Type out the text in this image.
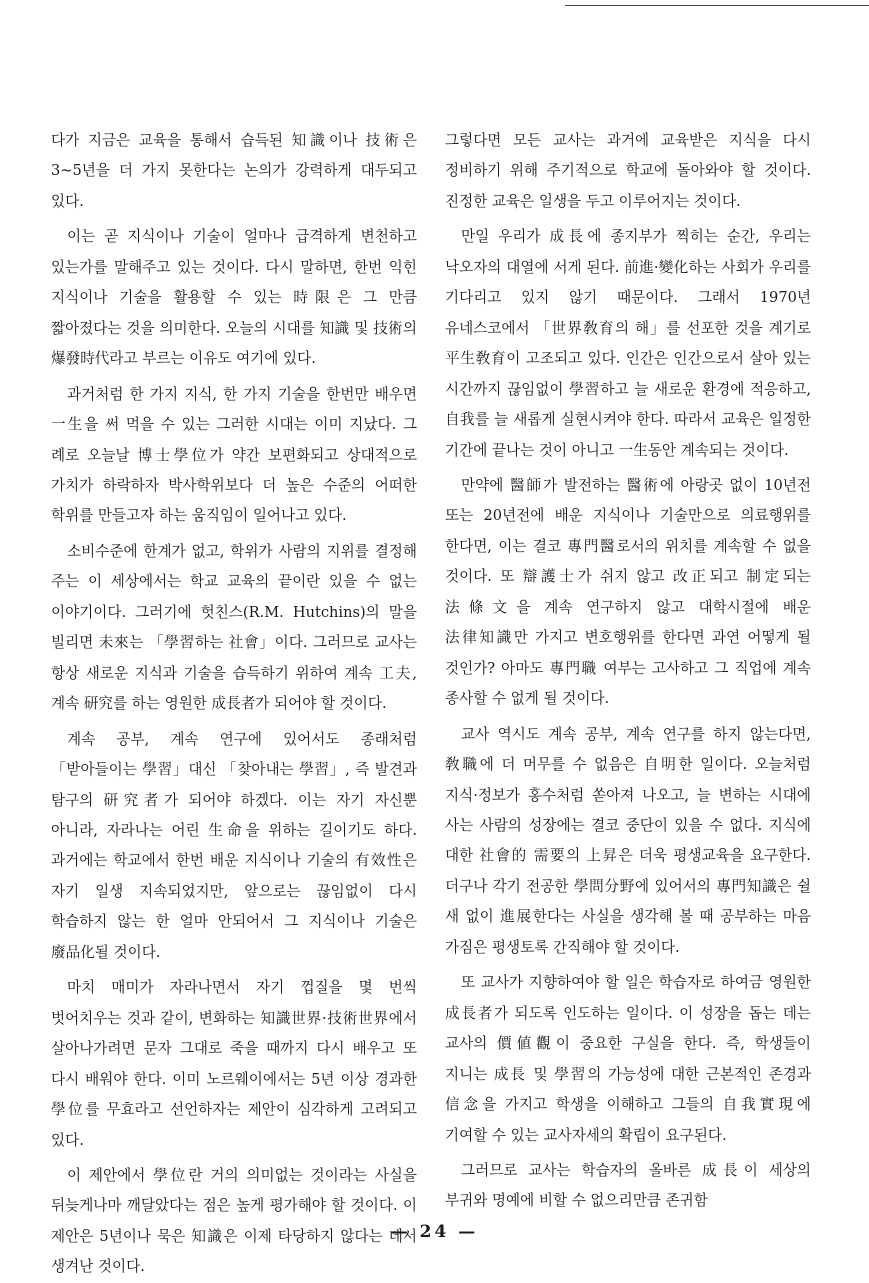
다가 지금은 교육을 통해서 습득된 知識이나 技術은 3~5년을 더 가지 못한다는 논의가 강력하게 대두되고 있다.

이는 곧 지식이나 기술이 얼마나 급격하게 변천하고 있는가를 말해주고 있는 것이다. 다시 말하면, 한번 익힌 지식이나 기술을 활용할 수 있는 時限은 그 만큼 짧아졌다는 것을 의미한다. 오늘의 시대를 知識 및 技術의 爆發時代라고 부르는 이유도 여기에 있다.

과거처럼 한 가지 지식, 한 가지 기술을 한번만 배우면 一生을 써 먹을 수 있는 그러한 시대는 이미 지났다. 그 례로 오늘날 博士學位가 약간 보편화되고 상대적으로 가치가 하락하자 박사학위보다 더 높은 수준의 어떠한 학위를 만들고자 하는 움직임이 일어나고 있다.

소비수준에 한계가 없고, 학위가 사람의 지위를 결정해 주는 이 세상에서는 학교 교육의 끝이란 있을 수 없는 이야기이다. 그러기에 헛친스(R.M. Hutchins)의 말을 빌리면 未來는 「學習하는 社會」이다. 그러므로 교사는 항상 새로운 지식과 기술을 습득하기 위하여 계속 工夫, 계속 研究를 하는 영원한 成長者가 되어야 할 것이다.

계속 공부, 계속 연구에 있어서도 종래처럼 「받아들이는 學習」대신 「찾아내는 學習」, 즉 발견과 탐구의 研究者가 되어야 하겠다. 이는 자기 자신뿐 아니라, 자라나는 어린 生命을 위하는 길이기도 하다. 과거에는 학교에서 한번 배운 지식이나 기술의 有效性은 자기 일생 지속되었지만, 앞으로는 끊임없이 다시 학습하지 않는 한 얼마 안되어서 그 지식이나 기술은 廢品化될 것이다.

마치 매미가 자라나면서 자기 껍질을 몇 번씩 벗어치우는 것과 같이, 변화하는 知識世界·技術世界에서 살아나가려면 문자 그대로 죽을 때까지 다시 배우고 또 다시 배워야 한다. 이미 노르웨이에서는 5년 이상 경과한 學位를 무효라고 선언하자는 제안이 심각하게 고려되고 있다.

이 제안에서 學位란 거의 의미없는 것이라는 사실을 뒤늦게나마 깨달았다는 점은 높게 평가해야 할 것이다. 이 제안은 5년이나 묵은 知識은 이제 타당하지 않다는 데서 생겨난 것이다.

그렇다면 모든 교사는 과거에 교육받은 지식을 다시 정비하기 위해 주기적으로 학교에 돌아와야 할 것이다. 진정한 교육은 일생을 두고 이루어지는 것이다.

만일 우리가 成長에 종지부가 찍히는 순간, 우리는 낙오자의 대열에 서게 된다. 前進·變化하는 사회가 우리를 기다리고 있지 않기 때문이다. 그래서 1970년 유네스코에서 「世界敎育의 해」를 선포한 것을 계기로 平生敎育이 고조되고 있다. 인간은 인간으로서 살아 있는 시간까지 끊임없이 學習하고 늘 새로운 환경에 적응하고, 自我를 늘 새롭게 실현시켜야 한다. 따라서 교육은 일정한 기간에 끝나는 것이 아니고 一生동안 계속되는 것이다.

만약에 醫師가 발전하는 醫術에 아랑곳 없이 10년전 또는 20년전에 배운 지식이나 기술만으로 의료행위를 한다면, 이는 결코 專門醫로서의 위치를 계속할 수 없을 것이다. 또 辯護士가 쉬지 않고 改正되고 制定되는 法條文을 계속 연구하지 않고 대학시절에 배운 法律知識만 가지고 변호행위를 한다면 과연 어떻게 될 것인가? 아마도 專門職 여부는 고사하고 그 직업에 계속 종사할 수 없게 될 것이다.

교사 역시도 계속 공부, 계속 연구를 하지 않는다면, 敎職에 더 머무를 수 없음은 自明한 일이다. 오늘처럼 지식·정보가 홍수처럼 쏟아져 나오고, 늘 변하는 시대에 사는 사람의 성장에는 결코 중단이 있을 수 없다. 지식에 대한 社會的 需要의 上昇은 더욱 평생교육을 요구한다. 더구나 각기 전공한 學問分野에 있어서의 專門知識은 쉴 새 없이 進展한다는 사실을 생각해 볼 때 공부하는 마음 가짐은 평생토록 간직해야 할 것이다.

또 교사가 지향하여야 할 일은 학습자로 하여금 영원한 成長者가 되도록 인도하는 일이다. 이 성장을 돕는 데는 교사의 價値觀이 중요한 구실을 한다. 즉, 학생들이 지니는 成長 및 學習의 가능성에 대한 근본적인 존경과 信念을 가지고 학생을 이해하고 그들의 自我實現에 기여할 수 있는 교사자세의 확립이 요구된다.

그러므로 교사는 학습자의 올바른 成長이 세상의 부귀와 명예에 비할 수 없으리만큼 존귀함

— 24 —
